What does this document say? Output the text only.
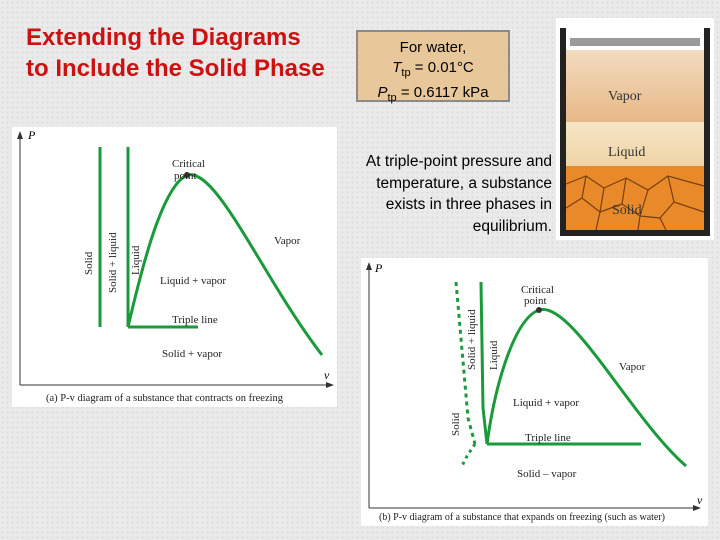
Extending the Diagrams to Include the Solid Phase
For water,
$T_{tp} = 0.01^\circ C$
$P_{tp} = 0.6117$ kPa
At triple-point pressure and temperature, a substance exists in three phases in equilibrium.
P
v
Critical
point
Vapor
Liquid + vapor
Triple line
Solid + vapor
Solid Solid + liquid Liquid
(a) P-v diagram of a substance that contracts on freezing
P
v
Critical
point
Vapor
Liquid + vapor
Triple line
Solid – vapor
Solid
Solid + liquid Liquid
(b) P-v diagram of a substance that expands on freezing (such as water)
Vapor
Liquid
Solid
